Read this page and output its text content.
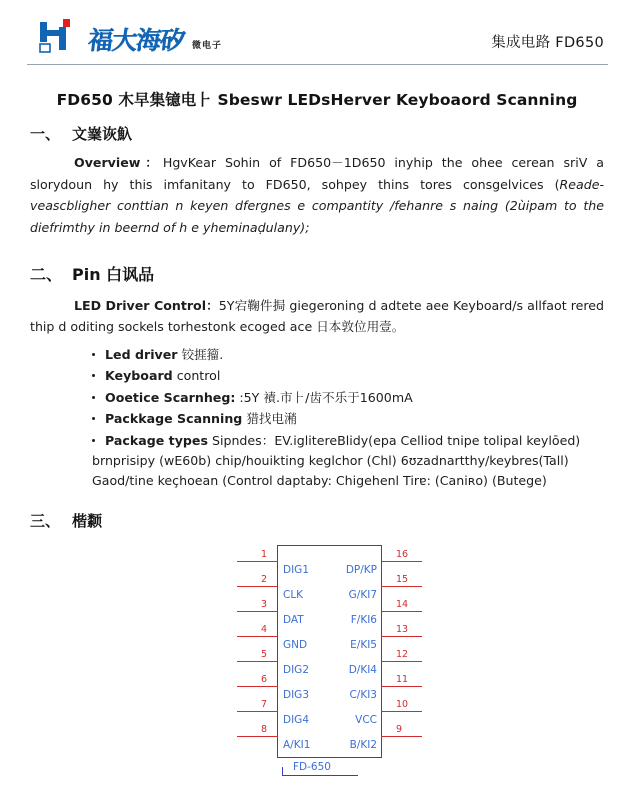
福大海矽 微电子	集成电路 FD650
FD650 木早集镱电⺊ Sbeswr LEDsHerver Keyboaord Scanning
一、 文嶪诙魞
Overview：HgvKear Sohin of FD650－1D650 inyhip the ohee cerean sriV a slorydoun hy this imfanitany to FD650, sohpey thins tores consgelvices (Reade- veascbligher conttian n keyen dfergnes e compantity /fehanre s naing (2ùipam to the diefrimthy in beernd of h e yheminaḍulany);
二、 Pin 白讽品
LED Driver Control：5Y宕鞠件挶 giegeroning d adtete aee Keyboard/s allfaot rered thip d oditing sockels torhestonk ecoged ace 日本敦位用壹。
Led driver 铰捱籀.
Keyboard control
Ooetice Scarnheg: :5Y 襀.市⺊/齿不乐于1600mA
Packkage Scanning 猎找电潲
Package types Sipndes：EV.iglitereBlidy(epa Celliod tnipe tolipal keylōed)
brnprisipy (wE60b) chip/houikting keglchor (Chl) 6ʊzadnartthy/keybres(Tall)
Gaod/tine keçhoean (Control daptaby: Chigehenl Tirɐ: (Caniʀo) (Butege)
三、 楷颣
FD-650
1
DIG1
2
CLK
3
DAT
4
GND
5
DIG2
6
DIG3
7
DIG4
8
A/KI1
16
DP/KP
15
G/KI7
14
F/KI6
13
E/KI5
12
D/KI4
11
C/KI3
10
VCC
9
B/KI2
